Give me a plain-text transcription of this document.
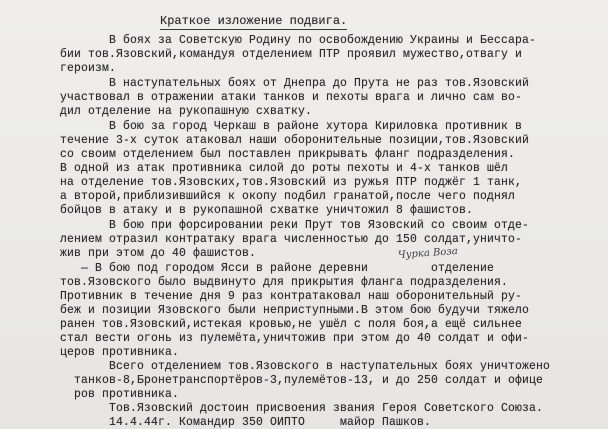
Краткое изложение подвига.
В боях за Советскую Родину по освобождению Украины и Бессара-
бии тов.Язовский,командуя отделением ПТР проявил мужество,отвагу и
героизм.
В наступательных боях от Днепра до Прута не раз тов.Язовский
участвовал в отражении атаки танков и пехоты врага и лично сам во-
дил отделение на рукопашную схватку.
В бою за город Черкаш в районе хутора Кириловка противник в
течение 3-х суток атаковал наши оборонительные позиции,тов.Язовский
со своим отделением был поставлен прикрывать фланг подразделения.
В одной из атак противника силой до роты пехоты и 4-х танков шёл
на отделение тов.Язовских,тов.Язовский из ружья ПТР поджёг 1 танк,
а второй,приблизившийся к окопу подбил гранатой,после чего поднял
бойцов в атаку и в рукопашной схватке уничтожил 8 фашистов.
В бою при форсировании реки Прут тов Язовский со своим отде-
лением отразил контратаку врага численностью до 150 солдат,уничто-
жив при этом до 40 фашистов.
— В бою под городом Ясси в районе деревни         отделение
тов.Язовского было выдвинуто для прикрытия фланга подразделения.
Противник в течение дня 9 раз контратаковал наш оборонительный ру-
беж и позиции Язовского были неприступными.В этом бою будучи тяжело
ранен тов.Язовский,истекая кровью,не ушёл с поля боя,а ещё сильнее
стал вести огонь из пулемёта,уничтожив при этом до 40 солдат и офи-
церов противника.
Всего отделением тов.Язовского в наступательных боях уничтожено
танков-8,Бронетранспортёров-3,пулемётов-13, и до 250 солдат и офице
ров противника.
Тов.Язовский достоин присвоения звания Героя Советского Союза.
14.4.44г. Командир 350 ОИПТО     майор Пашков.
Чурка Воза
